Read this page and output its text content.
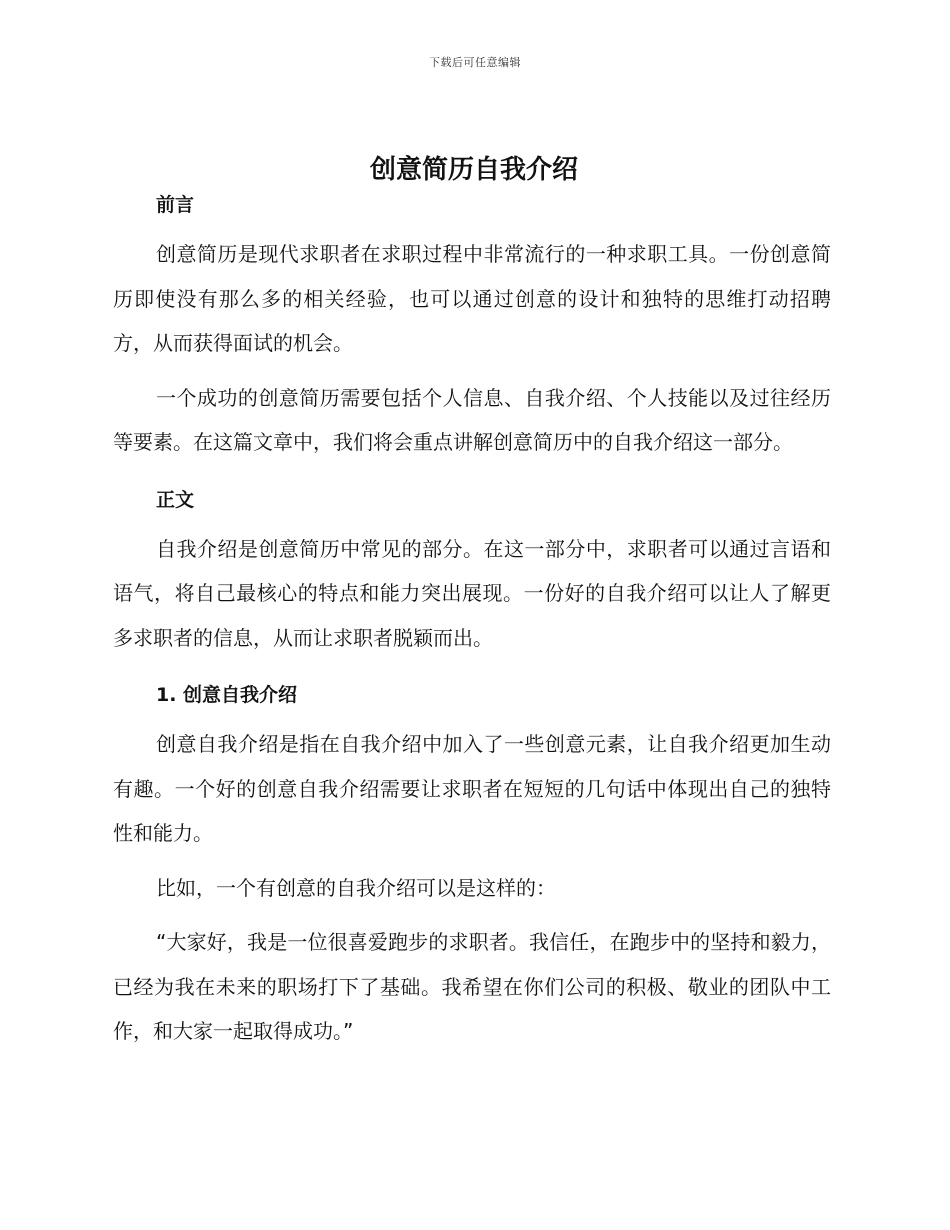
下载后可任意编辑
创意简历自我介绍
前言

创意简历是现代求职者在求职过程中非常流行的一种求职工具。一份创意简历即使没有那么多的相关经验，也可以通过创意的设计和独特的思维打动招聘方，从而获得面试的机会。

一个成功的创意简历需要包括个人信息、自我介绍、个人技能以及过往经历等要素。在这篇文章中，我们将会重点讲解创意简历中的自我介绍这一部分。

正文

自我介绍是创意简历中常见的部分。在这一部分中，求职者可以通过言语和语气，将自己最核心的特点和能力突出展现。一份好的自我介绍可以让人了解更多求职者的信息，从而让求职者脱颖而出。

1. 创意自我介绍

创意自我介绍是指在自我介绍中加入了一些创意元素，让自我介绍更加生动有趣。一个好的创意自我介绍需要让求职者在短短的几句话中体现出自己的独特性和能力。

比如，一个有创意的自我介绍可以是这样的：

“大家好，我是一位很喜爱跑步的求职者。我信任，在跑步中的坚持和毅力，已经为我在未来的职场打下了基础。我希望在你们公司的积极、敬业的团队中工作，和大家一起取得成功。”
